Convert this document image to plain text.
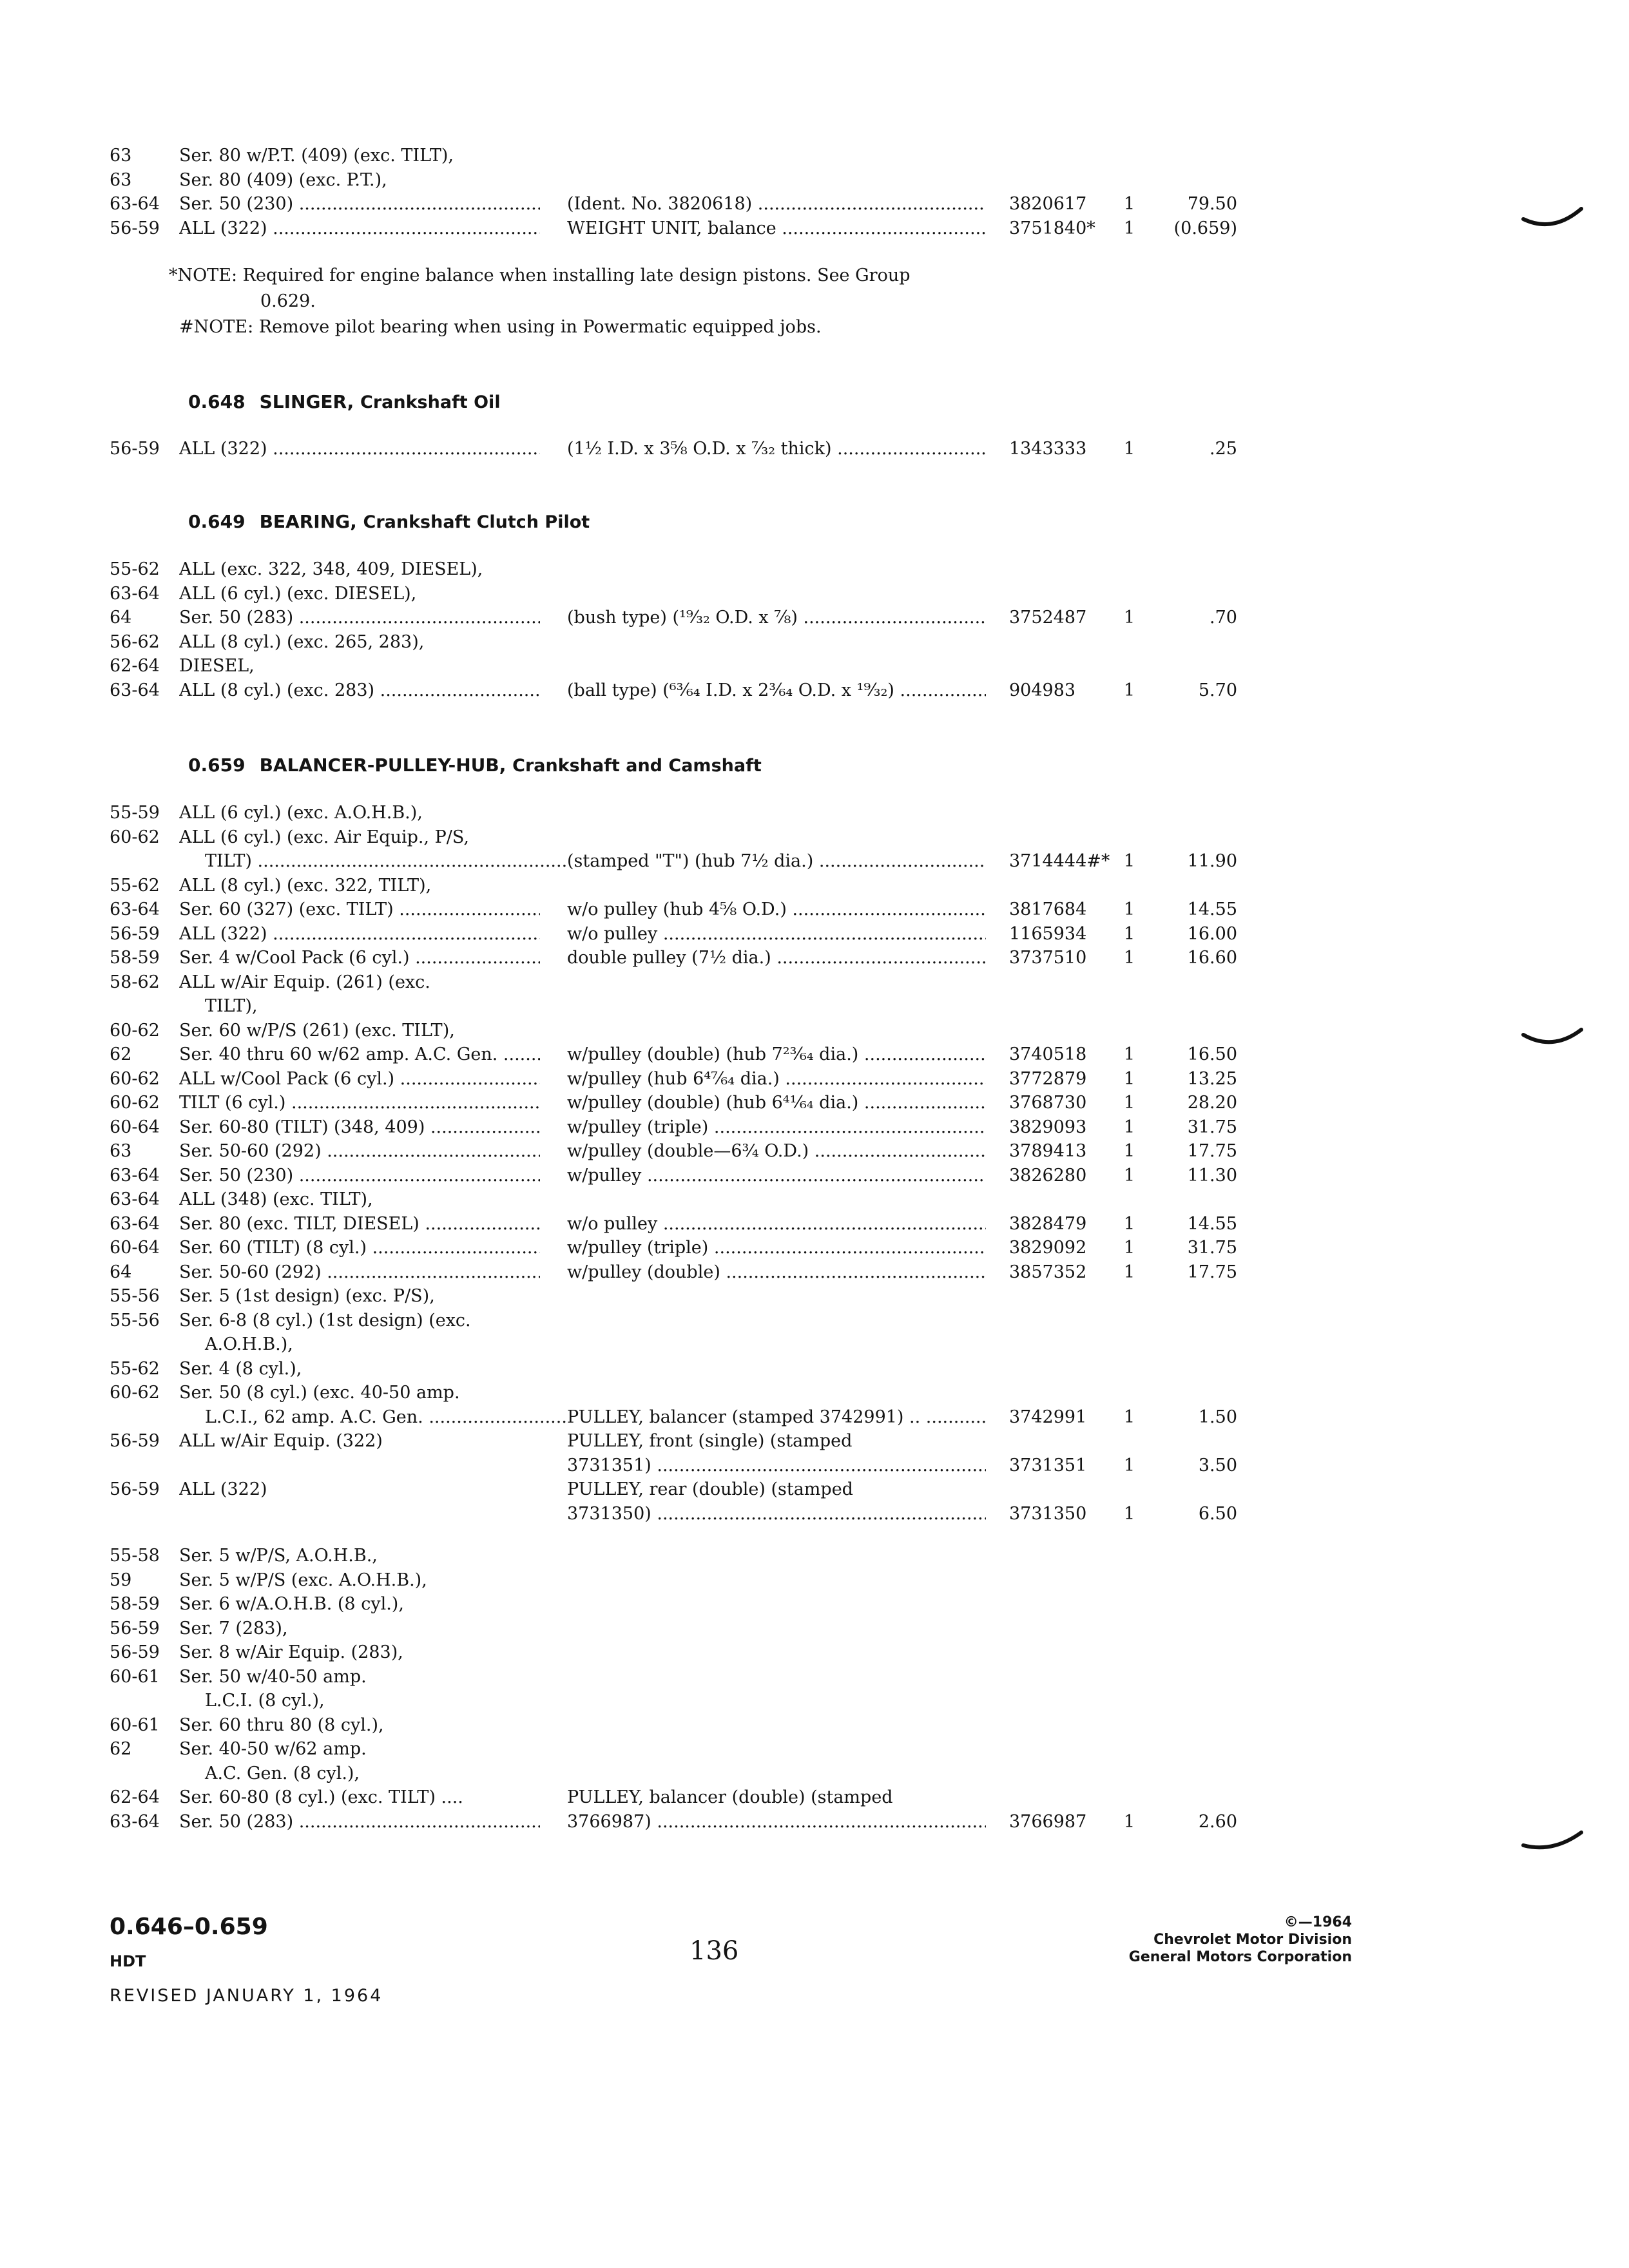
63	Ser. 80 w/P.T. (409) (exc. TILT),
63	Ser. 80 (409) (exc. P.T.),
63-64 Ser. 50 (230) .....	(Ident. No. 3820618) .....	3820617 1	79.50
56-59 ALL (322) .....	WEIGHT UNIT, balance .....	3751840* 1	(0.659)
*NOTE: Required for engine balance when installing late design pistons. See Group
0.629.
#NOTE: Remove pilot bearing when using in Powermatic equipped jobs.
0.648 SLINGER, Crankshaft Oil
56-59 ALL (322) .....	(1½ I.D. x 3⅝ O.D. x ⁷⁄₃₂ thick) .....	1343333 1	.25
0.649 BEARING, Crankshaft Clutch Pilot
55-62 ALL (exc. 322, 348, 409, DIESEL),
63-64 ALL (6 cyl.) (exc. DIESEL),
64	Ser. 50 (283) .....	(bush type) (¹⁹⁄₃₂ O.D. x ⅞) .....	3752487 1	.70
56-62 ALL (8 cyl.) (exc. 265, 283),
62-64 DIESEL,
63-64 ALL (8 cyl.) (exc. 283) .....	(ball type) (⁶³⁄₆₄ I.D. x 2³⁄₆₄ O.D. x ¹⁹⁄₃₂) .....	904983	1	5.70
0.659 BALANCER-PULLEY-HUB, Crankshaft and Camshaft
55-59 ALL (6 cyl.) (exc. A.O.H.B.),
60-62 ALL (6 cyl.) (exc. Air Equip., P/S,
TILT) .....	(stamped "T") (hub 7½ dia.) .....	3714444#* 1	11.90
55-62 ALL (8 cyl.) (exc. 322, TILT),
63-64 Ser. 60 (327) (exc. TILT) .....	w/o pulley (hub 4⅝ O.D.) .....	3817684 1	14.55
56-59 ALL (322) .....	w/o pulley .....	1165934 1	16.00
58-59 Ser. 4 w/Cool Pack (6 cyl.) .....	double pulley (7½ dia.) .....	3737510 1	16.60
58-62 ALL w/Air Equip. (261) (exc.
TILT),
60-62 Ser. 60 w/P/S (261) (exc. TILT),
62	Ser. 40 thru 60 w/62 amp. A.C. Gen. .....	w/pulley (double) (hub 7²³⁄₆₄ dia.) .....	3740518 1	16.50
60-62 ALL w/Cool Pack (6 cyl.) .....	w/pulley (hub 6⁴⁷⁄₆₄ dia.) .....	3772879 1	13.25
60-62 TILT (6 cyl.) .....	w/pulley (double) (hub 6⁴¹⁄₆₄ dia.) .....	3768730 1	28.20
60-64 Ser. 60-80 (TILT) (348, 409) .....	w/pulley (triple) .....	3829093 1	31.75
63	Ser. 50-60 (292) .....	w/pulley (double—6¾ O.D.) .....	3789413 1	17.75
63-64 Ser. 50 (230) .....	w/pulley .....	3826280 1	11.30
63-64 ALL (348) (exc. TILT),
63-64 Ser. 80 (exc. TILT, DIESEL) .....	w/o pulley .....	3828479 1	14.55
60-64 Ser. 60 (TILT) (8 cyl.) .....	w/pulley (triple) .....	3829092 1	31.75
64	Ser. 50-60 (292) .....	w/pulley (double) .....	3857352 1	17.75
55-56 Ser. 5 (1st design) (exc. P/S),
55-56 Ser. 6-8 (8 cyl.) (1st design) (exc.
A.O.H.B.),
55-62 Ser. 4 (8 cyl.),
60-62 Ser. 50 (8 cyl.) (exc. 40-50 amp.
L.C.I., 62 amp. A.C. Gen. .....	PULLEY, balancer (stamped 3742991) .. .....	3742991 1	1.50
56-59 ALL w/Air Equip. (322)	PULLEY, front (single) (stamped
3731351) .....	3731351 1	3.50
56-59 ALL (322)	PULLEY, rear (double) (stamped
3731350) .....	3731350 1	6.50
55-58 Ser. 5 w/P/S, A.O.H.B.,
59	Ser. 5 w/P/S (exc. A.O.H.B.),
58-59 Ser. 6 w/A.O.H.B. (8 cyl.),
56-59 Ser. 7 (283),
56-59 Ser. 8 w/Air Equip. (283),
60-61 Ser. 50 w/40-50 amp.
L.C.I. (8 cyl.),
60-61 Ser. 60 thru 80 (8 cyl.),
62	Ser. 40-50 w/62 amp.
A.C. Gen. (8 cyl.),
62-64 Ser. 60-80 (8 cyl.) (exc. TILT) ....	PULLEY, balancer (double) (stamped
63-64 Ser. 50 (283) .....	3766987) .....	3766987 1	2.60
0.646–0.659
HDT
REVISED JANUARY 1, 1964
136
©—1964
Chevrolet Motor Division
General Motors Corporation
